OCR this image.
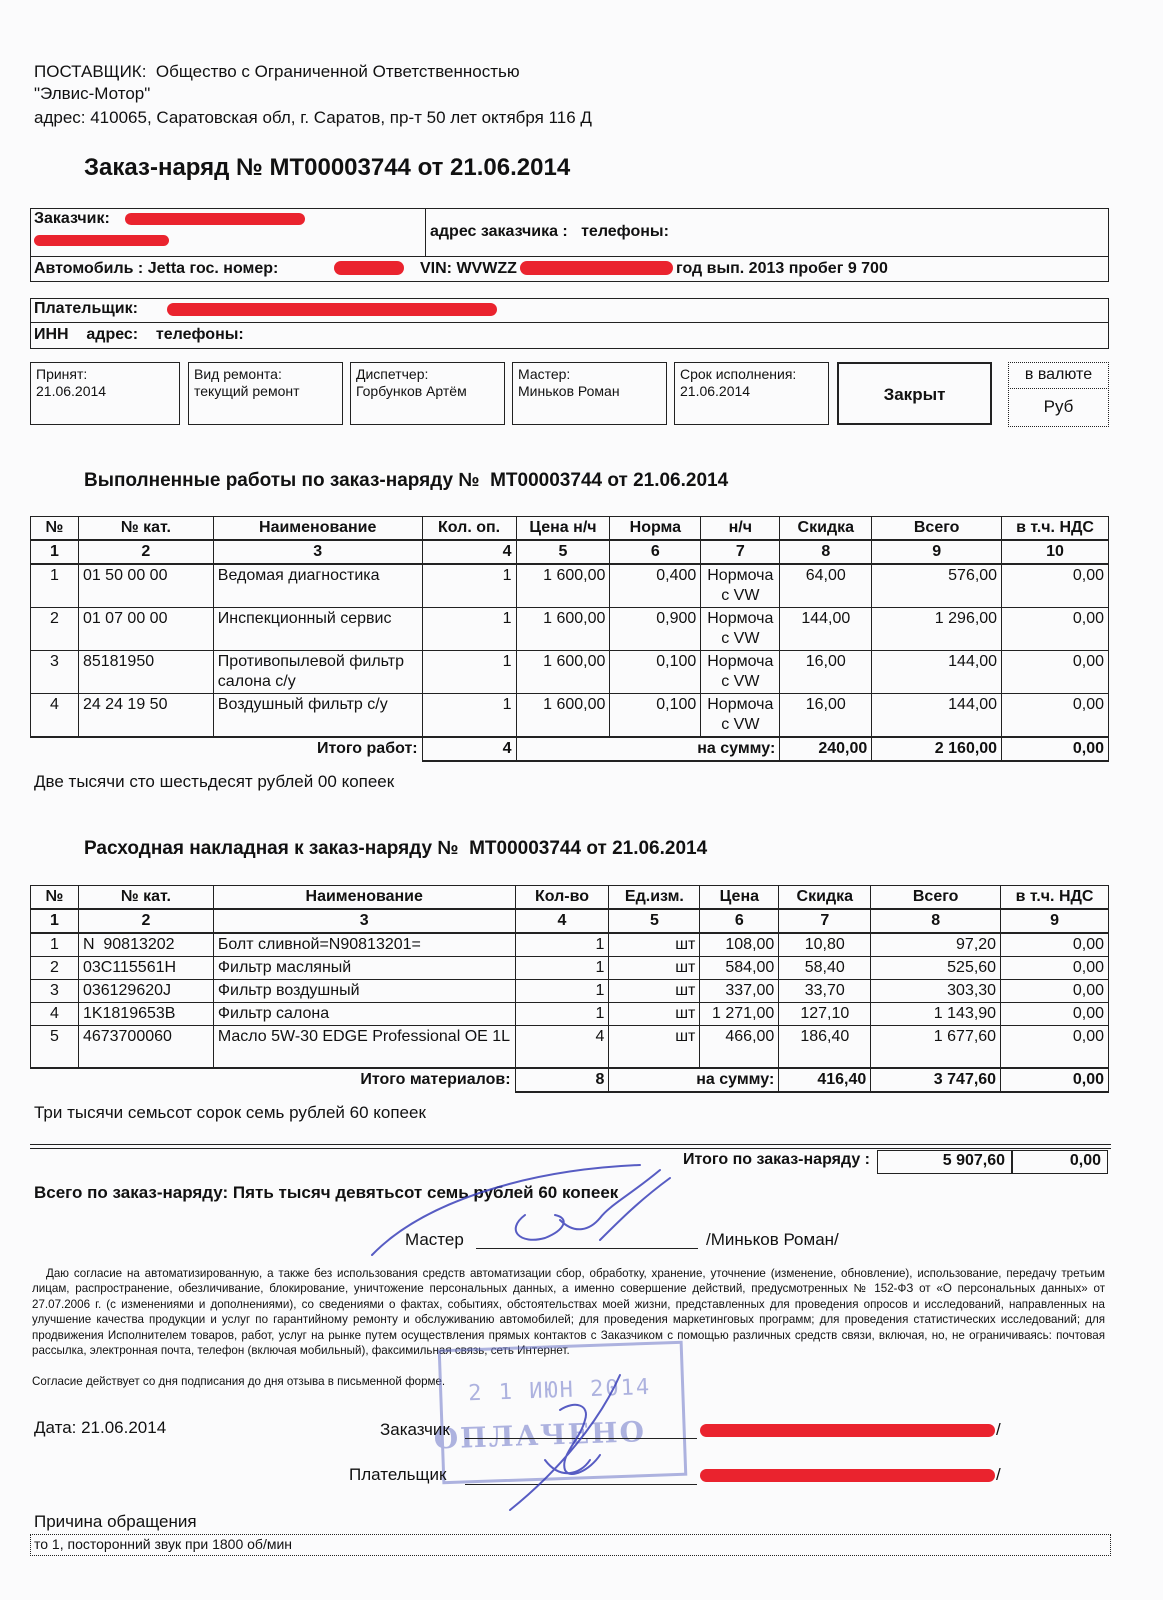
ПОСТАВЩИК:  Общество с Ограниченной Ответственностью
"Элвис-Мотор"
адрес: 410065, Саратовская обл, г. Саратов, пр-т 50 лет октября 116 Д
Заказ-наряд № МТ00003744 от 21.06.2014
Заказчик:
адрес заказчика :   телефоны:
Автомобиль : Jetta гос. номер:	VIN: WVWZZ	год вып. 2013 пробег 9 700
Плательщик:
ИНН    адрес:    телефоны:
Принят:
21.06.2014
Вид ремонта:
текущий ремонт
Диспетчер:
Горбунков Артём
Мастер:
Миньков Роман
Срок исполнения:
21.06.2014	Закрыт
в валюте
Руб
Выполненные работы по заказ-наряду №  МТ00003744 от 21.06.2014
№	№ кат.	Наименование	Кол. оп.	Цена н/ч	Норма	н/ч	Скидка	Всего	в т.ч. НДС
1	2	3	4	5	6	7	8	9	10
1	01 50 00 00	Ведомая диагностика	1	1 600,00	0,400	Нормоча с VW	64,00	576,00	0,00
2	01 07 00 00	Инспекционный сервис	1	1 600,00	0,900	Нормоча с VW	144,00	1 296,00	0,00
3	85181950	Противопылевой фильтр салона с/у	1	1 600,00	0,100	Нормоча с VW	16,00	144,00	0,00
4	24 24 19 50	Воздушный фильтр с/у	1	1 600,00	0,100	Нормоча с VW	16,00	144,00	0,00
Итого работ:			4	на сумму:			240,00	2 160,00	0,00
Две тысячи сто шестьдесят рублей 00 копеек
Расходная накладная к заказ-наряду №  МТ00003744 от 21.06.2014
№	№ кат.	Наименование	Кол-во	Ед.изм.	Цена	Скидка	Всего	в т.ч. НДС
1	2	3	4	5	6	7	8	9
1	N  90813202	Болт сливной=N90813201=	1	шт	108,00	10,80	97,20	0,00
2	03C115561H	Фильтр масляный	1	шт	584,00	58,40	525,60	0,00
3	036129620J	Фильтр воздушный	1	шт	337,00	33,70	303,30	0,00
4	1K1819653B	Фильтр салона	1	шт	1 271,00	127,10	1 143,90	0,00
5	4673700060	Масло 5W-30 EDGE Professional OE 1L	4	шт	466,00	186,40	1 677,60	0,00
Итого материалов:			8	на сумму:		416,40	3 747,60	0,00
Три тысячи семьсот сорок семь рублей 60 копеек
Итого по заказ-наряду :	5 907,60	0,00
Всего по заказ-наряду: Пять тысяч девятьсот семь рублей 60 копеек
Мастер	/Миньков Роман/
Даю согласие на автоматизированную, а также без использования средств автоматизации сбор, обработку, хранение, уточнение (изменение, обновление), использование, передачу третьим лицам, распространение, обезличивание, блокирование, уничтожение персональных данных, а именно совершение действий, предусмотренных № 152-ФЗ от «О персональных данных» от 27.07.2006 г. (с изменениями и дополнениями), со сведениями о фактах, событиях, обстоятельствах моей жизни, представленных для проведения опросов и исследований, направленных на улучшение качества продукции и услуг по гарантийному ремонту и обслуживанию автомобилей; для проведения маркетинговых программ; для проведения статистических исследований; для продвижения Исполнителем товаров, работ, услуг на рынке путем осуществления прямых контактов с Заказчиком с помощью различных средств связи, включая, но, не ограничиваясь: почтовая рассылка, электронная почта, телефон (включая мобильный), факсимильная связь, сеть Интернет.
Согласие действует со дня подписания до дня отзыва в письменной форме. 2 1 ИЮН 2014
ОПЛАЧЕНО
Дата: 21.06.2014	Заказчик	/
Плательщик	/
Причина обращения
то 1, посторонний звук при 1800 об/мин
